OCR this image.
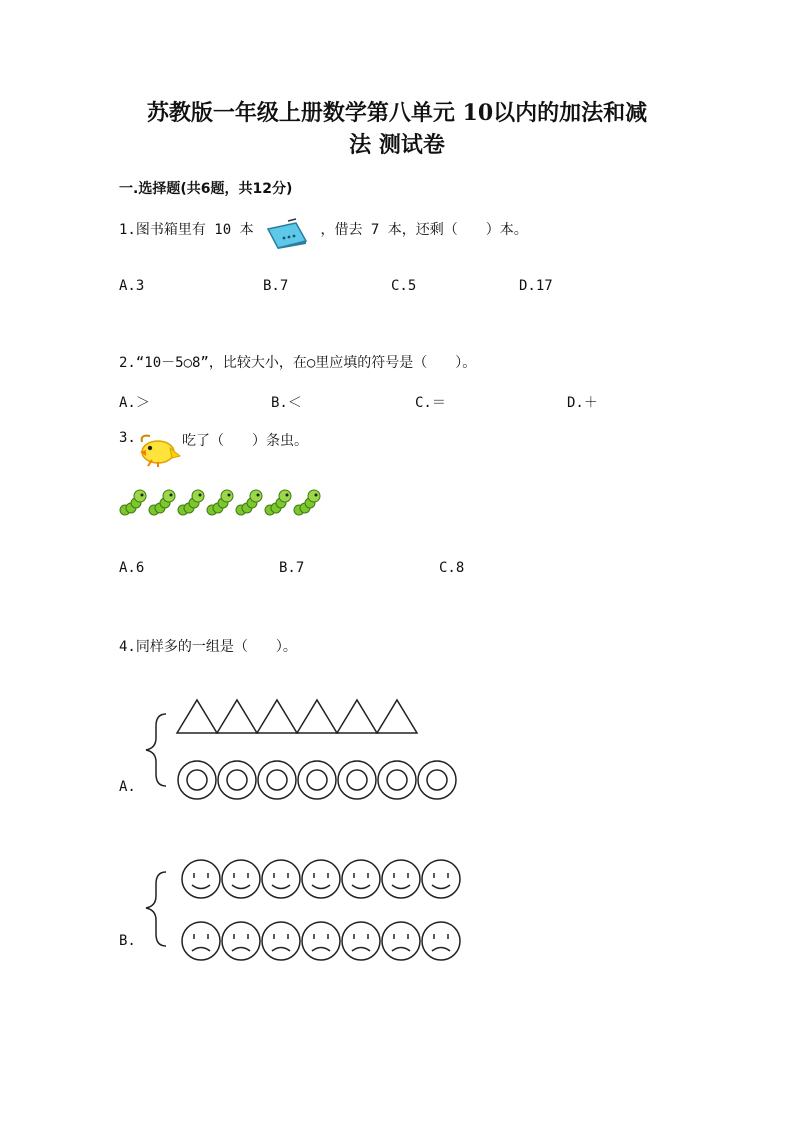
苏教版一年级上册数学第八单元 10以内的加法和减
法 测试卷
一.选择题(共6题，共12分)
1.图书箱里有 10 本	，借去 7 本，还剩（　　）本。
A.3	B.7	C.5	D.17
2.“10－5○8”，比较大小，在○里应填的符号是（　　）。
A.＞	B.＜	C.＝	D.＋
3.	吃了（　　）条虫。
A.6	B.7	C.8
4.同样多的一组是（　　）。
A.
B.
